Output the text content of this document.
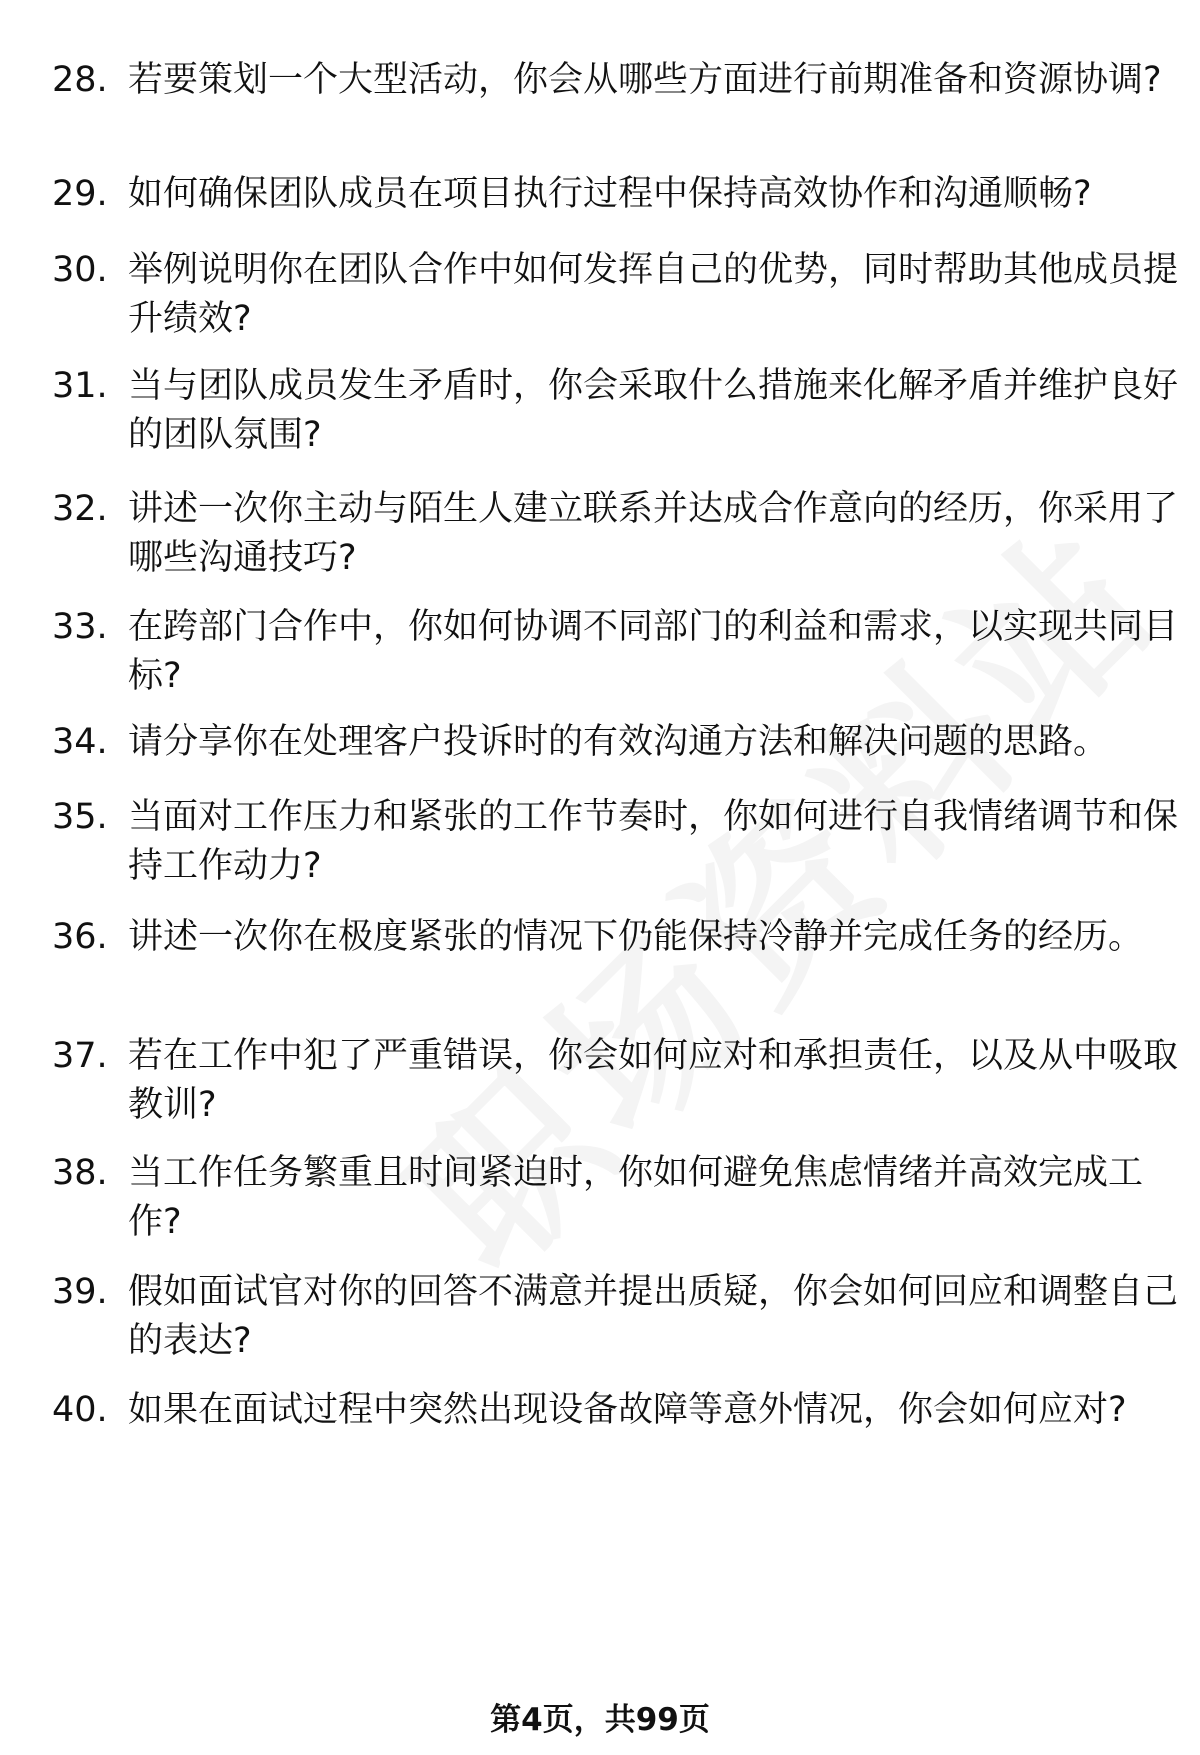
28. 若要策划一个大型活动，你会从哪些方面进行前期准备和资源协调?
29. 如何确保团队成员在项目执行过程中保持高效协作和沟通顺畅?
30. 举例说明你在团队合作中如何发挥自己的优势，同时帮助其他成员提升绩效?
31. 当与团队成员发生矛盾时，你会采取什么措施来化解矛盾并维护良好的团队氛围?
32. 讲述一次你主动与陌生人建立联系并达成合作意向的经历，你采用了哪些沟通技巧?
33. 在跨部门合作中，你如何协调不同部门的利益和需求，以实现共同目标?
34. 请分享你在处理客户投诉时的有效沟通方法和解决问题的思路。
35. 当面对工作压力和紧张的工作节奏时，你如何进行自我情绪调节和保持工作动力?
36. 讲述一次你在极度紧张的情况下仍能保持冷静并完成任务的经历。
37. 若在工作中犯了严重错误，你会如何应对和承担责任，以及从中吸取教训?
38. 当工作任务繁重且时间紧迫时，你如何避免焦虑情绪并高效完成工作?
39. 假如面试官对你的回答不满意并提出质疑，你会如何回应和调整自己的表达?
40. 如果在面试过程中突然出现设备故障等意外情况，你会如何应对?
第4页，共99页
